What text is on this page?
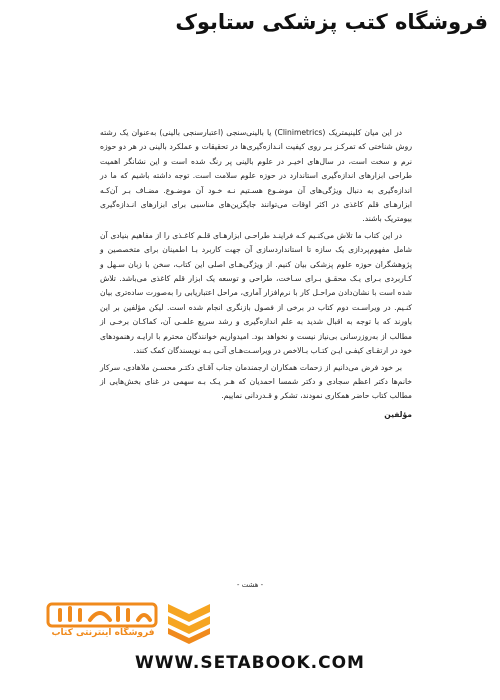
فروشگاه کتب پزشکی ستابوک

در این میان کلینیمتریک (Clinimetrics) یا بالینی‌سنجی (اعتبارسنجی بالینی) به‌عنوان یک رشته روش شناختی که تمرکـز بـر روی کیفیت انـدازه‌گیری‌ها در تحقیقات و عملکرد بالینی در هر دو حوزه نرم و سخت است، در سال‌های اخیـر در علوم بالینی پر رنگ شده است و این نشانگر اهمیت طراحی ابزارهای اندازه‌گیری استاندارد در حوزه علوم سلامت است. توجه داشته باشیم که ما در اندازه‌گیری به دنبال ویژگی‌های آن موضـوع هسـتیم نـه خـود آن موضـوع. مضـاف بـر آن‌کـه ابزارهـای قلم کاغذی در اکثر اوقات می‌توانند جایگزین‌های مناسبی برای ابزارهای انـدازه‌گیری بیومتریک باشند.

در این کتاب ما تلاش می‌کنـیم کـه فراینـد طراحـی ابزارهـای قلـم کاغـذی را از مفاهیم بنیادی آن شامل مفهوم‌پردازی یک سازه تا استانداردسازی آن جهت کاربرد بـا اطمینان برای متخصصین و پژوهشگران حوزه علوم پزشکی بیان کنیم. از ویژگی‌هـای اصلی این کتاب، سخن با زبان سـهل و کـاربردی بـرای یـک محقـق بـرای سـاخت، طراحی و توسعه یک ابزار قلم کاغذی می‌باشد. تلاش شده است با نشان‌دادن مراحـل کار با نرم‌افزار آماری، مراحل اعتباریابی را به‌صورت ساده‌تری بیان کنـیم. در ویراسـت دوم کتاب در برخی از فصول بازنگری انجام شده است. لیکن مؤلفین بر این باورند که با توجه به اقبال شدید به علم اندازه‌گیری و رشد سریع علمـی آن، کماکـان برخـی از مطالب از به‌روزرسانی بی‌نیاز نیست و نخواهد بود. امیدواریم خوانندگان محترم با ارایـه رهنمودهای خود در ارتقـای کیفـی ایـن کتـاب بـالاخص در ویراسـت‌هـای آتـی بـه نویسندگان کمک کنند.

بر خود فرض می‌دانیم از زحمات همکاران ارجمندمان جناب آقـای دکتـر محسـن ملاهادی، سرکار خانم‌ها دکتر اعظم سجادی و دکتر شمسا احمدیان که هـر یـک بـه سهمی در غنای بخش‌هایی از مطالب کتاب حاضر همکاری نمودند، تشکر و قـدردانی نماییم.

مؤلفین
- هشت -
فروشگاه اینترنتی کتاب
WWW.SETABOOK.COM
